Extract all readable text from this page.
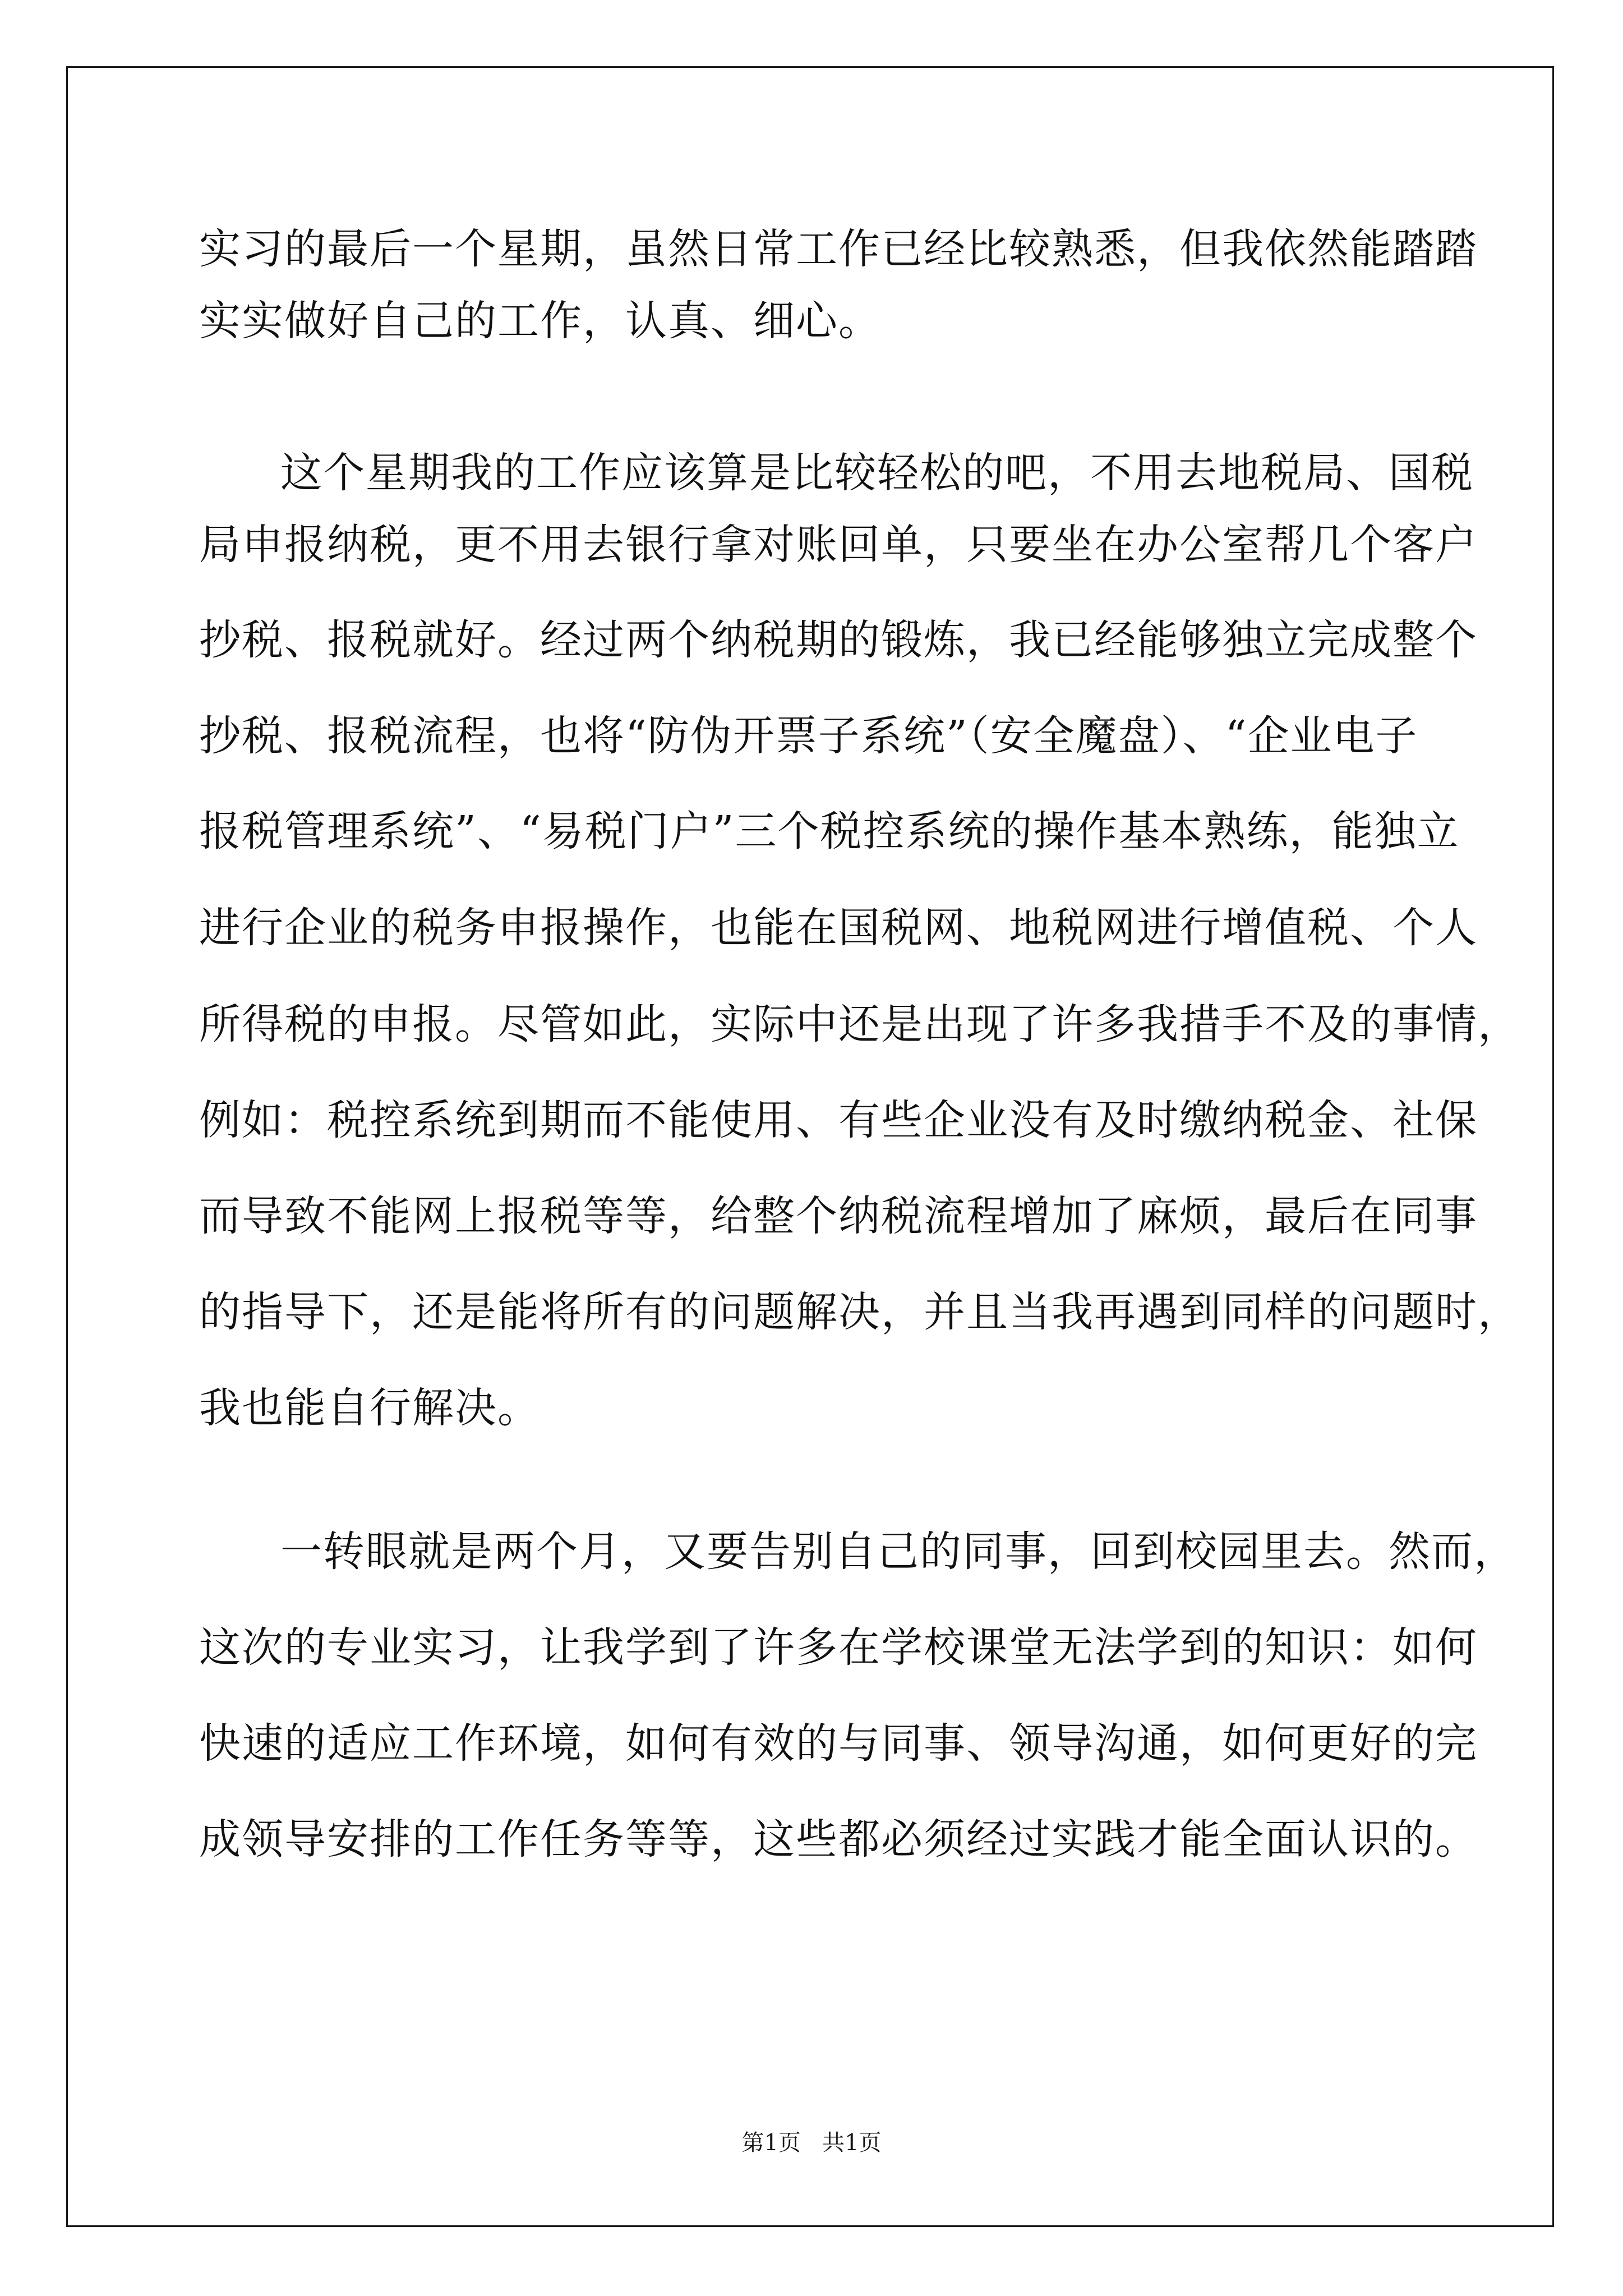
实习的最后一个星期，虽然日常工作已经比较熟悉，但我依然能踏踏
实实做好自己的工作，认真、细心。
这个星期我的工作应该算是比较轻松的吧，不用去地税局、国税
局申报纳税，更不用去银行拿对账回单，只要坐在办公室帮几个客户
抄税、报税就好。经过两个纳税期的锻炼，我已经能够独立完成整个
抄税、报税流程，也将“防伪开票子系统”（安全魔盘）、“企业电子
报税管理系统”、“易税门户”三个税控系统的操作基本熟练，能独立
进行企业的税务申报操作，也能在国税网、地税网进行增值税、个人
所得税的申报。尽管如此，实际中还是出现了许多我措手不及的事情，
例如：税控系统到期而不能使用、有些企业没有及时缴纳税金、社保
而导致不能网上报税等等，给整个纳税流程增加了麻烦，最后在同事
的指导下，还是能将所有的问题解决，并且当我再遇到同样的问题时，
我也能自行解决。
一转眼就是两个月，又要告别自己的同事，回到校园里去。然而，
这次的专业实习，让我学到了许多在学校课堂无法学到的知识：如何
快速的适应工作环境，如何有效的与同事、领导沟通，如何更好的完
成领导安排的工作任务等等，这些都必须经过实践才能全面认识的。
第1页   共1页
